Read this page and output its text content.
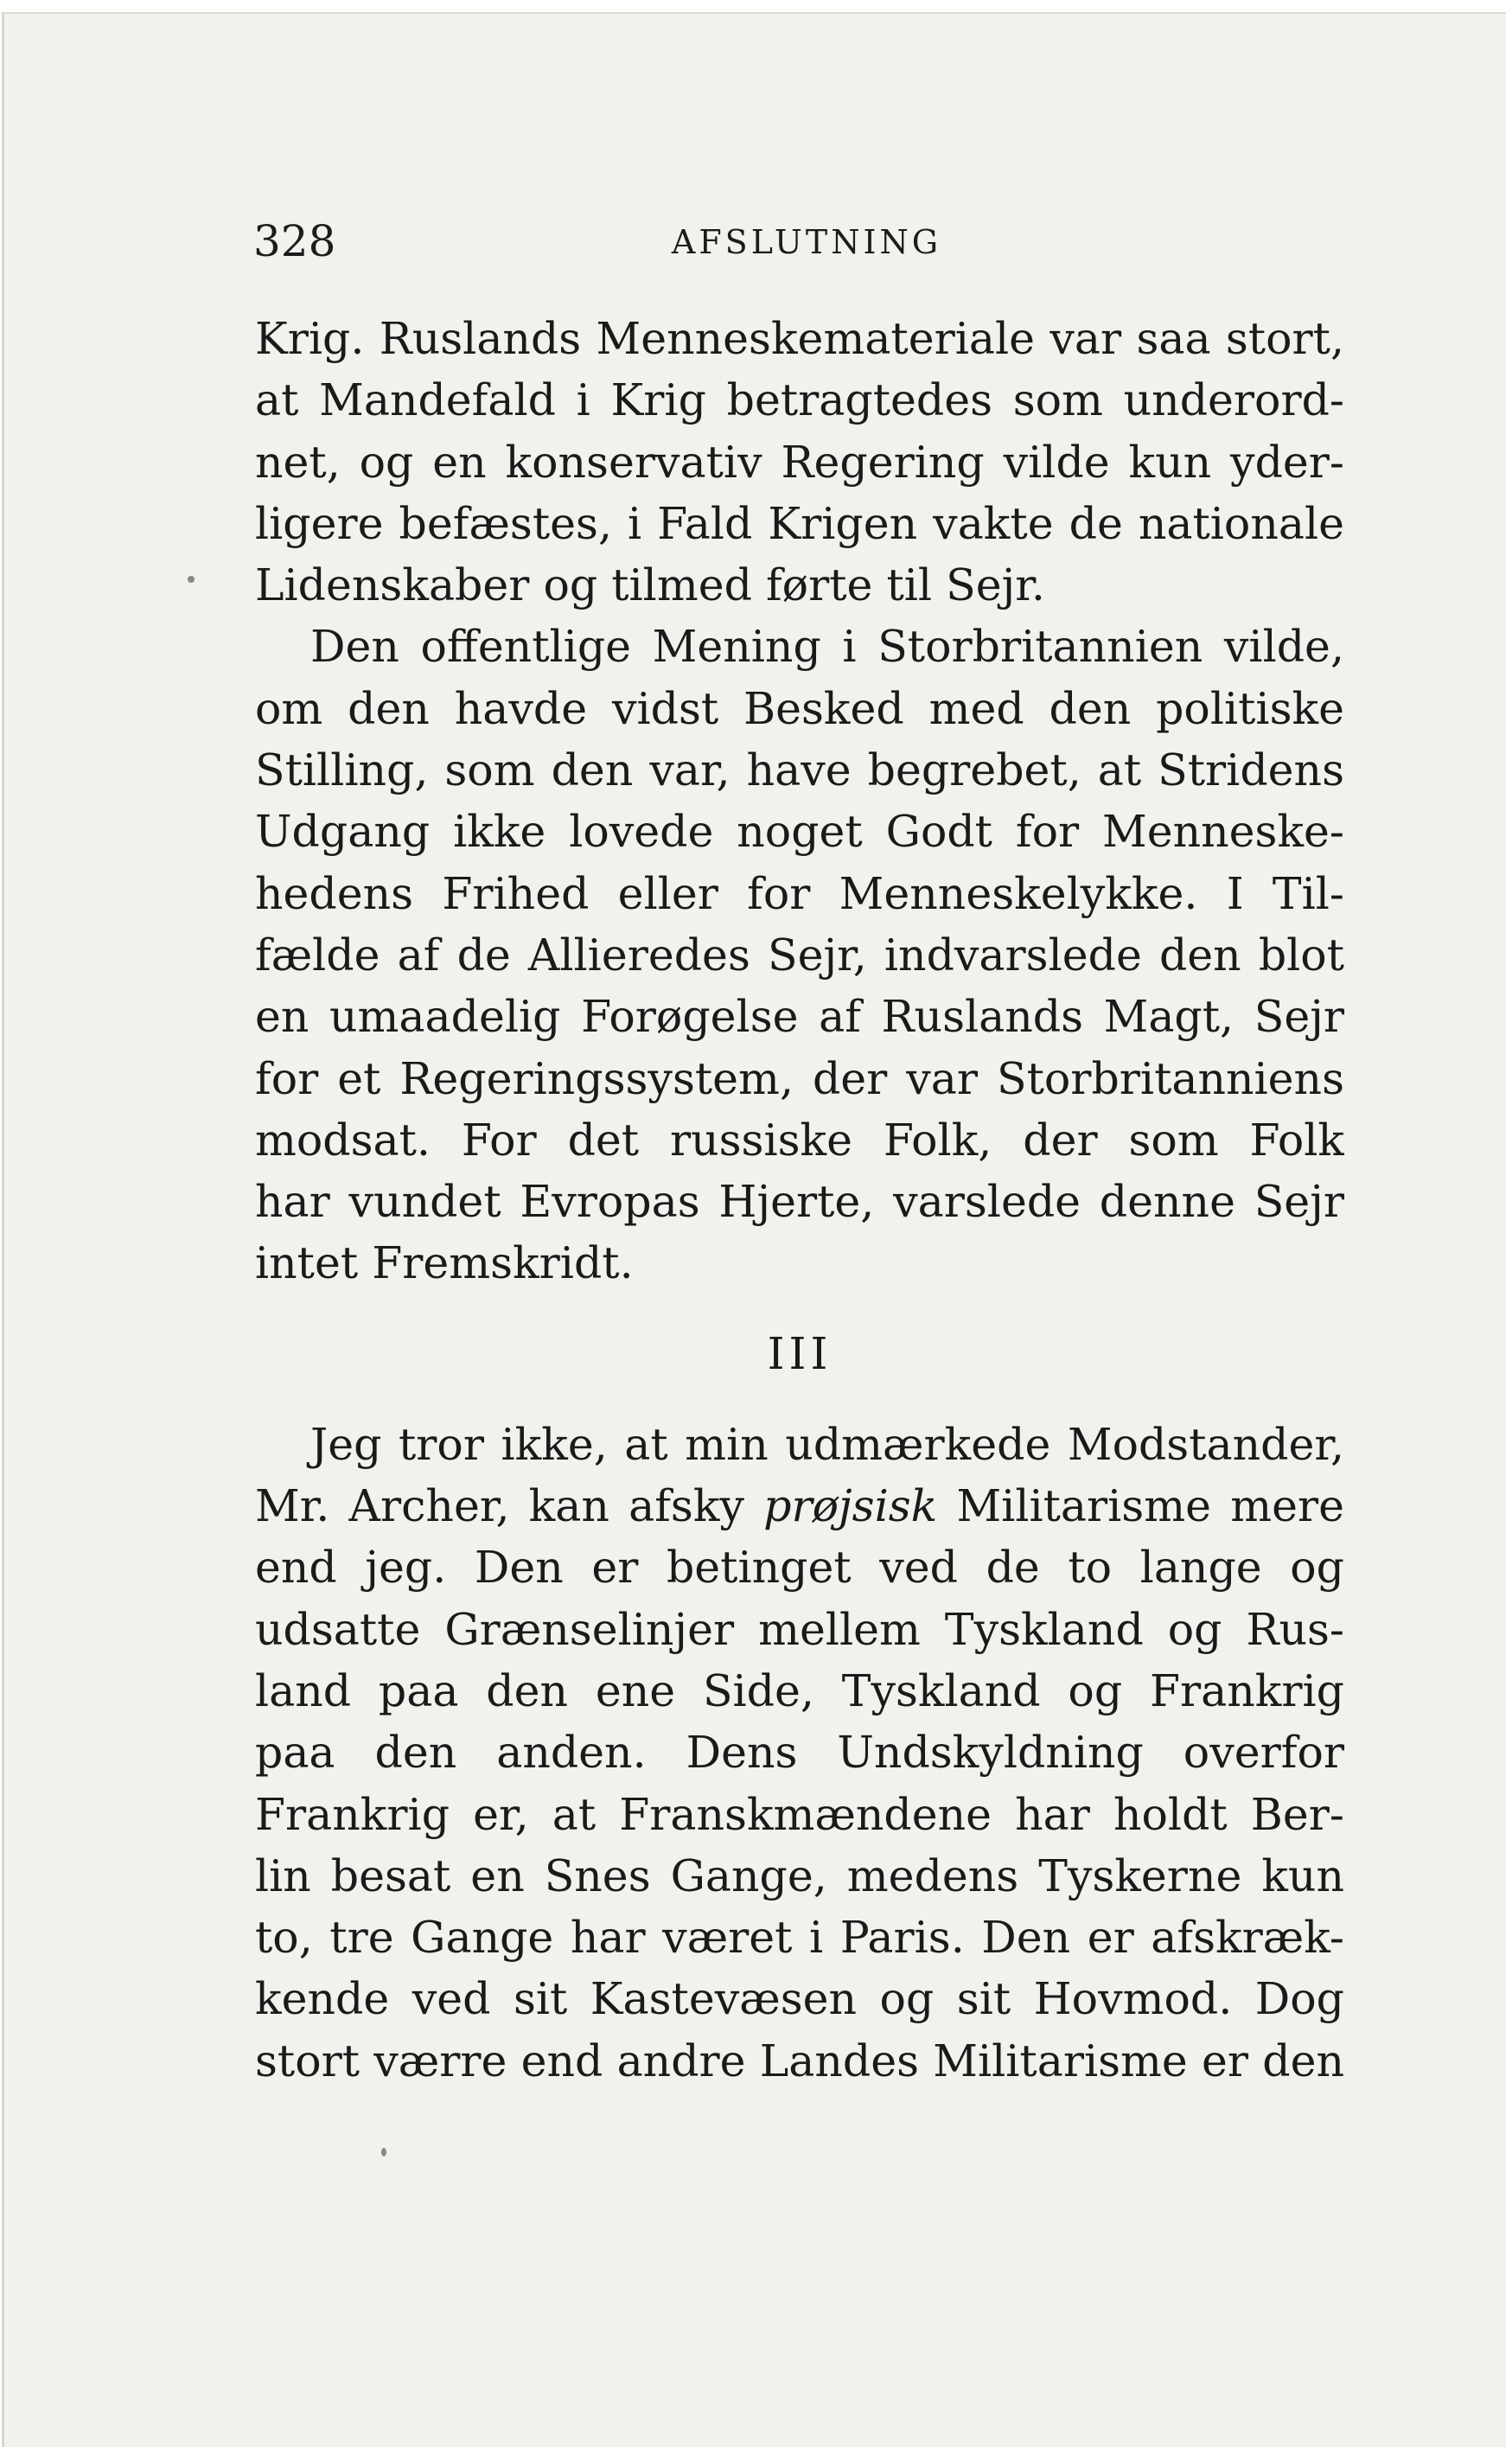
328	AFSLUTNING
Krig. Ruslands Menneskemateriale var saa stort,
at Mandefald i Krig betragtedes som underord-
net, og en konservativ Regering vilde kun yder-
ligere befæstes, i Fald Krigen vakte de nationale
Lidenskaber og tilmed førte til Sejr.
Den offentlige Mening i Storbritannien vilde,
om den havde vidst Besked med den politiske
Stilling, som den var, have begrebet, at Stridens
Udgang ikke lovede noget Godt for Menneske-
hedens Frihed eller for Menneskelykke. I Til-
fælde af de Allieredes Sejr, indvarslede den blot
en umaadelig Forøgelse af Ruslands Magt, Sejr
for et Regeringssystem, der var Storbritanniens
modsat. For det russiske Folk, der som Folk
har vundet Evropas Hjerte, varslede denne Sejr
intet Fremskridt.
III
Jeg tror ikke, at min udmærkede Modstander,
Mr. Archer, kan afsky prøjsisk Militarisme mere
end jeg. Den er betinget ved de to lange og
udsatte Grænselinjer mellem Tyskland og Rus-
land paa den ene Side, Tyskland og Frankrig
paa den anden. Dens Undskyldning overfor
Frankrig er, at Franskmændene har holdt Ber-
lin besat en Snes Gange, medens Tyskerne kun
to, tre Gange har været i Paris. Den er afskræk-
kende ved sit Kastevæsen og sit Hovmod. Dog
stort værre end andre Landes Militarisme er den
